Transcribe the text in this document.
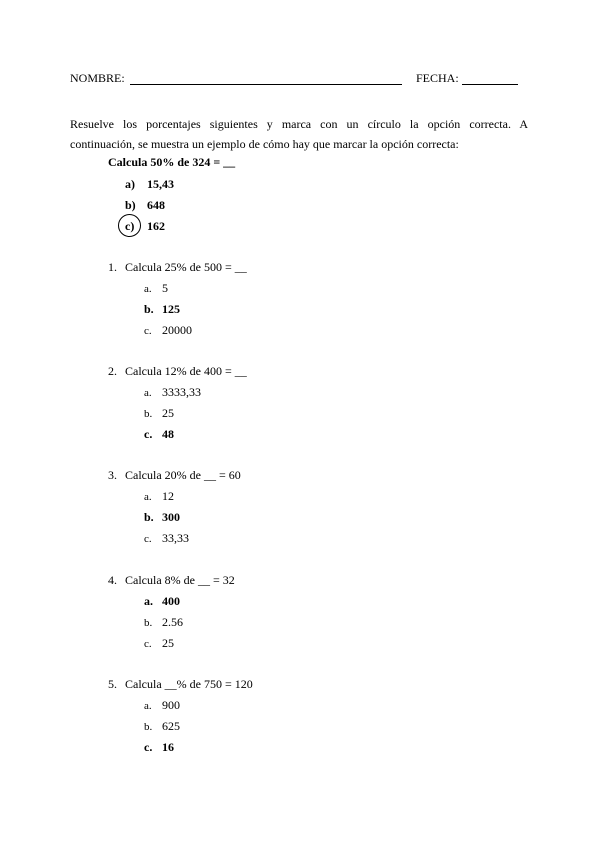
NOMBRE:	FECHA:
Resuelve los porcentajes siguientes y marca con un círculo la opción correcta. A
continuación, se muestra un ejemplo de cómo hay que marcar la opción correcta:
Calcula 50% de 324 = __
a) 15,43
b) 648
c) 162
1. Calcula 25% de 500 = __
a. 5
b. 125
c. 20000
2. Calcula 12% de 400 = __
a. 3333,33
b. 25
c. 48
3. Calcula 20% de __ = 60
a. 12
b. 300
c. 33,33
4. Calcula 8% de __ = 32
a. 400
b. 2.56
c. 25
5. Calcula __% de 750 = 120
a. 900
b. 625
c. 16
